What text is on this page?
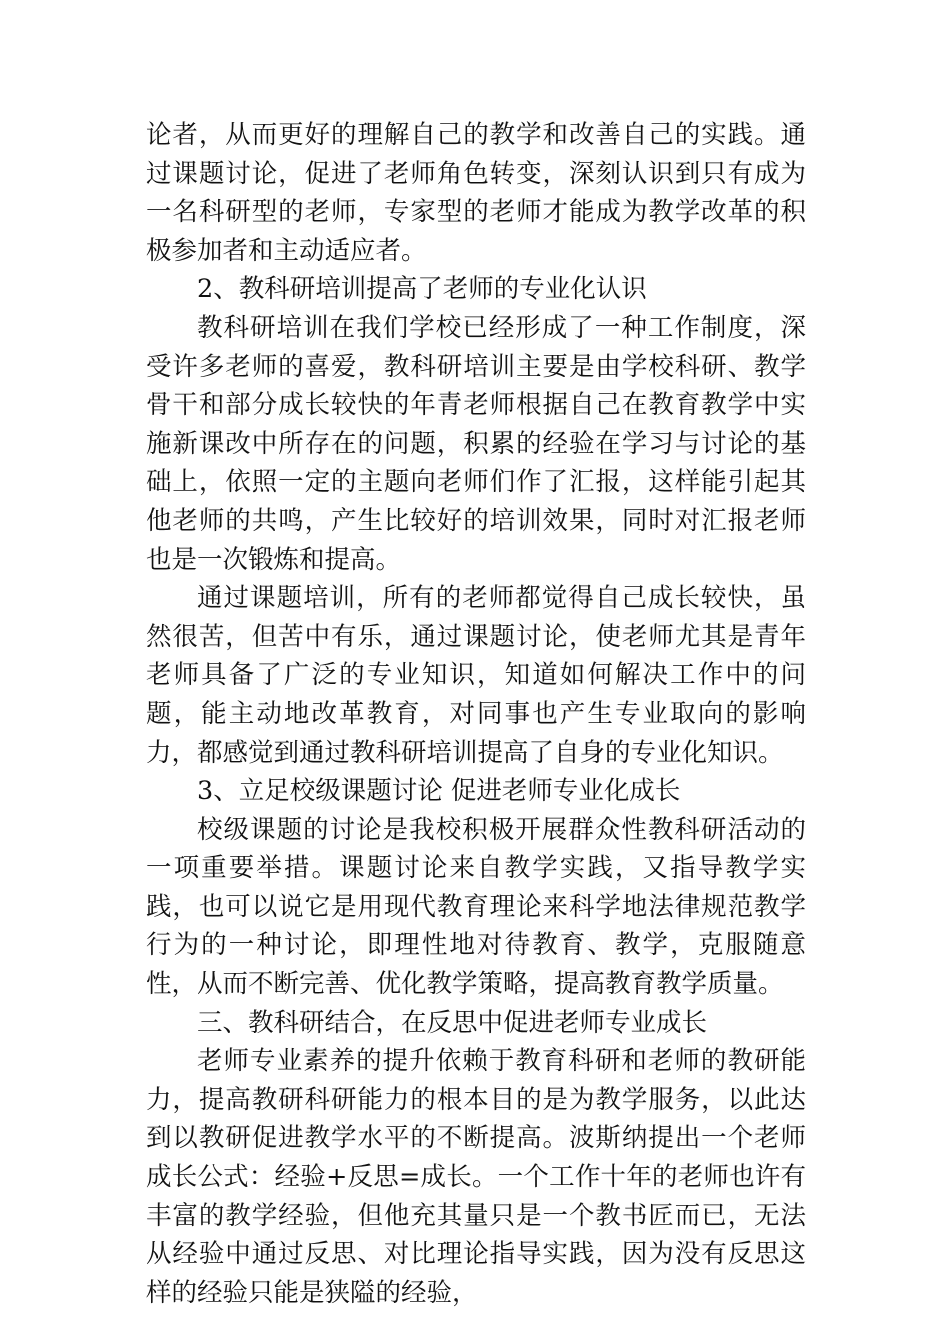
论者，从而更好的理解自己的教学和改善自己的实践。通过课题讨论，促进了老师角色转变，深刻认识到只有成为一名科研型的老师，专家型的老师才能成为教学改革的积极参加者和主动适应者。

2、教科研培训提高了老师的专业化认识

教科研培训在我们学校已经形成了一种工作制度，深受许多老师的喜爱，教科研培训主要是由学校科研、教学骨干和部分成长较快的年青老师根据自己在教育教学中实施新课改中所存在的问题，积累的经验在学习与讨论的基础上，依照一定的主题向老师们作了汇报，这样能引起其他老师的共鸣，产生比较好的培训效果，同时对汇报老师也是一次锻炼和提高。

通过课题培训，所有的老师都觉得自己成长较快，虽然很苦，但苦中有乐，通过课题讨论，使老师尤其是青年老师具备了广泛的专业知识，知道如何解决工作中的问题，能主动地改革教育，对同事也产生专业取向的影响力，都感觉到通过教科研培训提高了自身的专业化知识。

3、立足校级课题讨论 促进老师专业化成长

校级课题的讨论是我校积极开展群众性教科研活动的一项重要举措。课题讨论来自教学实践，又指导教学实践，也可以说它是用现代教育理论来科学地法律规范教学行为的一种讨论，即理性地对待教育、教学，克服随意性，从而不断完善、优化教学策略，提高教育教学质量。

三、教科研结合，在反思中促进老师专业成长

老师专业素养的提升依赖于教育科研和老师的教研能力，提高教研科研能力的根本目的是为教学服务，以此达到以教研促进教学水平的不断提高。波斯纳提出一个老师成长公式：经验+反思=成长。一个工作十年的老师也许有丰富的教学经验，但他充其量只是一个教书匠而已，无法从经验中通过反思、对比理论指导实践，因为没有反思这样的经验只能是狭隘的经验，
